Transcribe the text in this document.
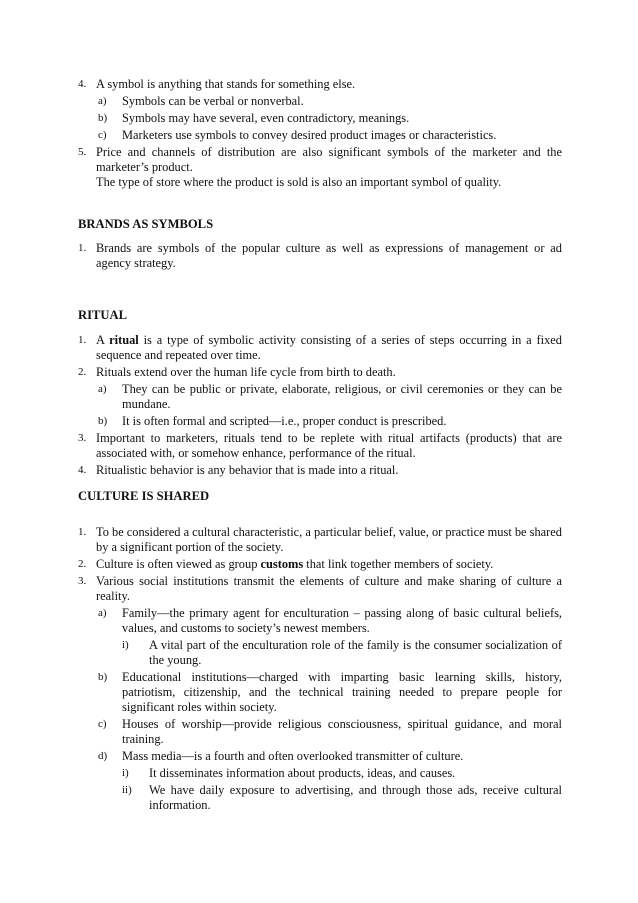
4. A symbol is anything that stands for something else.
a) Symbols can be verbal or nonverbal.
b) Symbols may have several, even contradictory, meanings.
c) Marketers use symbols to convey desired product images or characteristics.
5. Price and channels of distribution are also significant symbols of the marketer and the marketer’s product.
The type of store where the product is sold is also an important symbol of quality.

BRANDS AS SYMBOLS

1. Brands are symbols of the popular culture as well as expressions of management or ad agency strategy.

RITUAL

1. A ritual is a type of symbolic activity consisting of a series of steps occurring in a fixed sequence and repeated over time.
2. Rituals extend over the human life cycle from birth to death.
a) They can be public or private, elaborate, religious, or civil ceremonies or they can be mundane.
b) It is often formal and scripted—i.e., proper conduct is prescribed.
3. Important to marketers, rituals tend to be replete with ritual artifacts (products) that are associated with, or somehow enhance, performance of the ritual.
4. Ritualistic behavior is any behavior that is made into a ritual.

CULTURE IS SHARED

1. To be considered a cultural characteristic, a particular belief, value, or practice must be shared by a significant portion of the society.
2. Culture is often viewed as group customs that link together members of society.
3. Various social institutions transmit the elements of culture and make sharing of culture a reality.
a) Family—the primary agent for enculturation – passing along of basic cultural beliefs, values, and customs to society’s newest members.
i) A vital part of the enculturation role of the family is the consumer socialization of the young.
b) Educational institutions—charged with imparting basic learning skills, history, patriotism, citizenship, and the technical training needed to prepare people for significant roles within society.
c) Houses of worship—provide religious consciousness, spiritual guidance, and moral training.
d) Mass media—is a fourth and often overlooked transmitter of culture.
i) It disseminates information about products, ideas, and causes.
ii) We have daily exposure to advertising, and through those ads, receive cultural information.
